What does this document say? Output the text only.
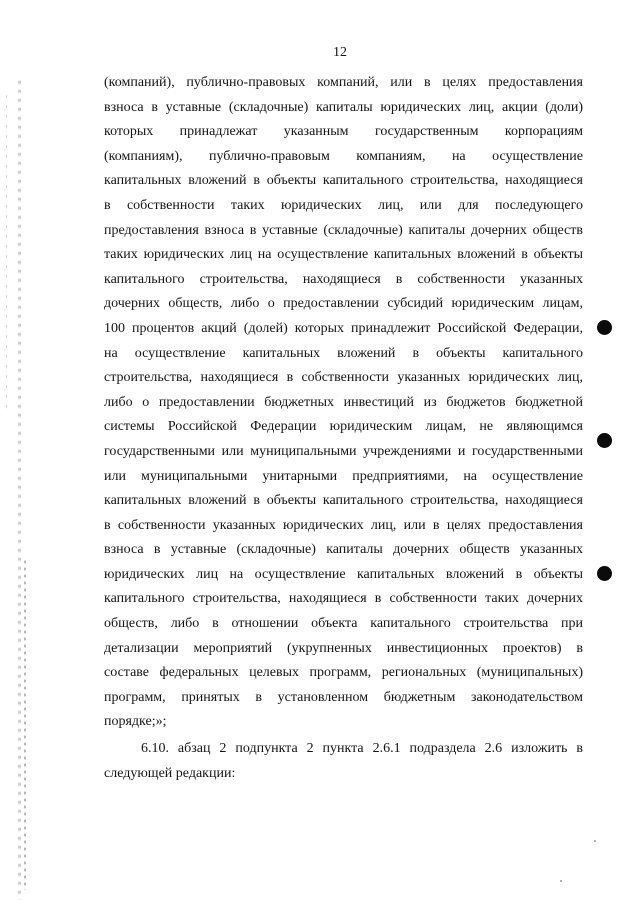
12
(компаний), публично-правовых компаний, или в целях предоставления
взноса в уставные (складочные) капиталы юридических лиц, акции (доли)
которых принадлежат указанным государственным корпорациям
(компаниям), публично-правовым компаниям, на осуществление
капитальных вложений в объекты капитального строительства, находящиеся
в собственности таких юридических лиц, или для последующего
предоставления взноса в уставные (складочные) капиталы дочерних обществ
таких юридических лиц на осуществление капитальных вложений в объекты
капитального строительства, находящиеся в собственности указанных
дочерних обществ, либо о предоставлении субсидий юридическим лицам,
100 процентов акций (долей) которых принадлежит Российской Федерации,
на осуществление капитальных вложений в объекты капитального
строительства, находящиеся в собственности указанных юридических лиц,
либо о предоставлении бюджетных инвестиций из бюджетов бюджетной
системы Российской Федерации юридическим лицам, не являющимся
государственными или муниципальными учреждениями и государственными
или муниципальными унитарными предприятиями, на осуществление
капитальных вложений в объекты капитального строительства, находящиеся
в собственности указанных юридических лиц, или в целях предоставления
взноса в уставные (складочные) капиталы дочерних обществ указанных
юридических лиц на осуществление капитальных вложений в объекты
капитального строительства, находящиеся в собственности таких дочерних
обществ, либо в отношении объекта капитального строительства при
детализации мероприятий (укрупненных инвестиционных проектов) в
составе федеральных целевых программ, региональных (муниципальных)
программ, принятых в установленном бюджетным законодательством
порядке;»;
6.10. абзац 2 подпункта 2 пункта 2.6.1 подраздела 2.6 изложить в
следующей редакции:
